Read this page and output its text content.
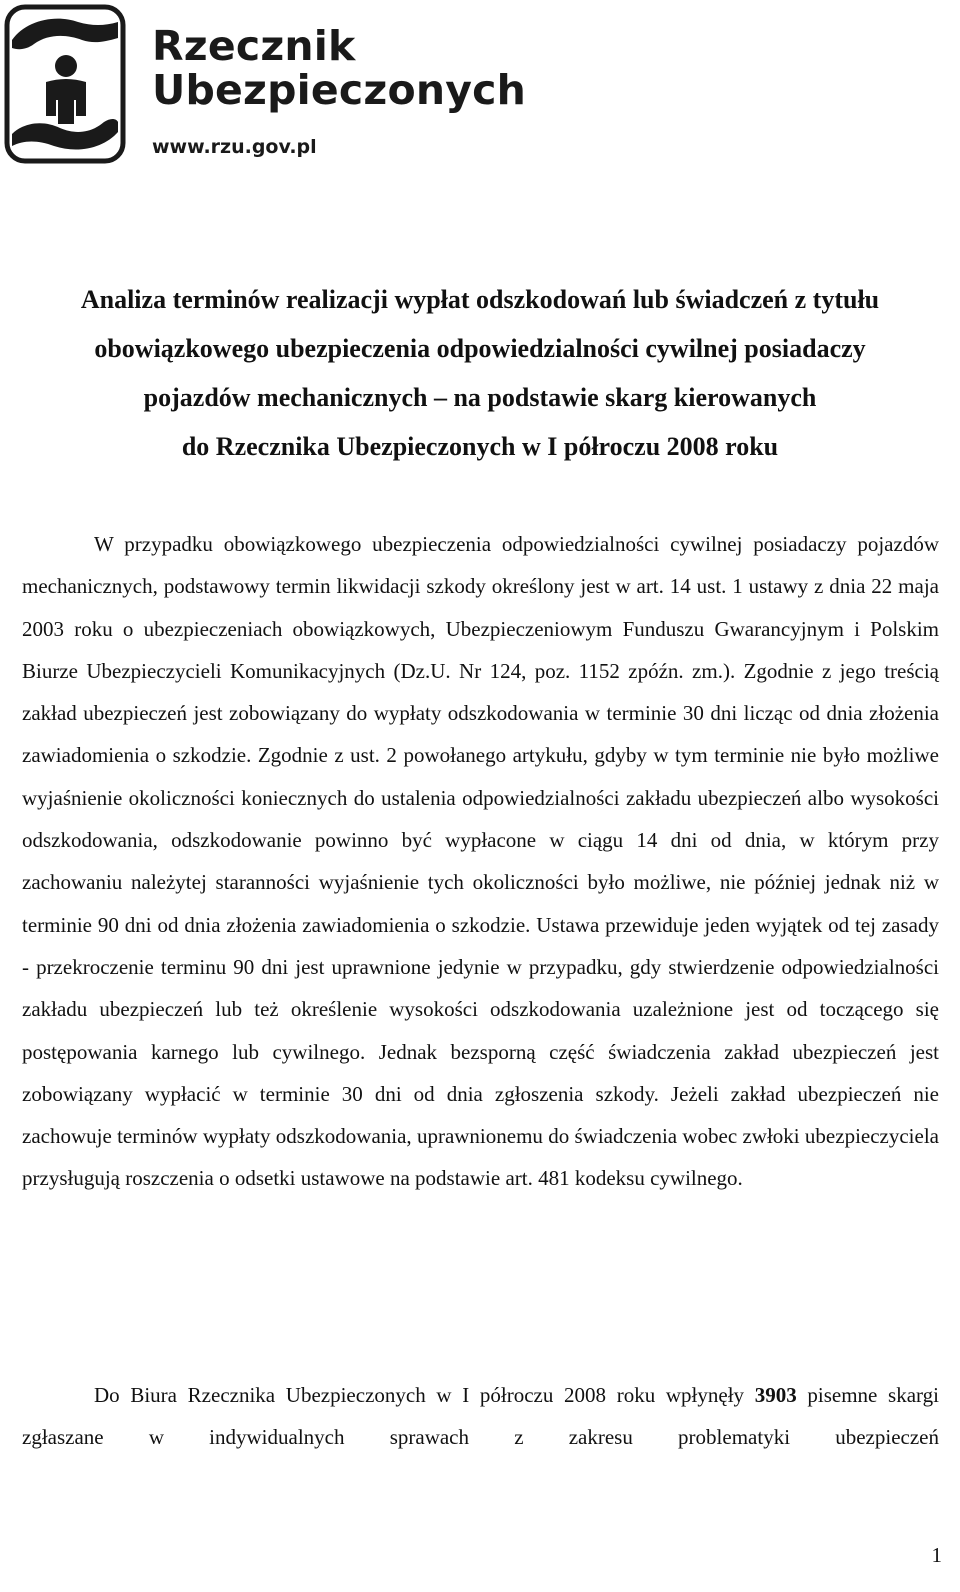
Rzecznik
Ubezpieczonych
www.rzu.gov.pl
Analiza terminów realizacji wypłat odszkodowań lub świadczeń z tytułu
obowiązkowego ubezpieczenia odpowiedzialności cywilnej posiadaczy
pojazdów mechanicznych – na podstawie skarg kierowanych
do Rzecznika Ubezpieczonych w I półroczu 2008 roku

W przypadku obowiązkowego ubezpieczenia odpowiedzialności cywilnej posiadaczy pojazdów mechanicznych, podstawowy termin likwidacji szkody określony jest w art. 14 ust. 1 ustawy z dnia 22 maja 2003 roku o ubezpieczeniach obowiązkowych, Ubezpieczeniowym Funduszu Gwarancyjnym i Polskim Biurze Ubezpieczycieli Komunikacyjnych (Dz.U. Nr 124, poz. 1152 zpóźn. zm.). Zgodnie z jego treścią zakład ubezpieczeń jest zobowiązany do wypłaty odszkodowania w terminie 30 dni licząc od dnia złożenia zawiadomienia o szkodzie. Zgodnie z ust. 2 powołanego artykułu, gdyby w tym terminie nie było możliwe wyjaśnienie okoliczności koniecznych do ustalenia odpowiedzialności zakładu ubezpieczeń albo wysokości odszkodowania, odszkodowanie powinno być wypłacone w ciągu 14 dni od dnia, w którym przy zachowaniu należytej staranności wyjaśnienie tych okoliczności było możliwe, nie później jednak niż w terminie 90 dni od dnia złożenia zawiadomienia o szkodzie. Ustawa przewiduje jeden wyjątek od tej zasady - przekroczenie terminu 90 dni jest uprawnione jedynie w przypadku, gdy stwierdzenie odpowiedzialności zakładu ubezpieczeń lub też określenie wysokości odszkodowania uzależnione jest od toczącego się postępowania karnego lub cywilnego. Jednak bezsporną część świadczenia zakład ubezpieczeń jest zobowiązany wypłacić w terminie 30 dni od dnia zgłoszenia szkody. Jeżeli zakład ubezpieczeń nie zachowuje terminów wypłaty odszkodowania, uprawnionemu do świadczenia wobec zwłoki ubezpieczyciela przysługują roszczenia o odsetki ustawowe na podstawie art. 481 kodeksu cywilnego.

Do Biura Rzecznika Ubezpieczonych w I półroczu 2008 roku wpłynęły 3903 pisemne skargi zgłaszane w indywidualnych sprawach z zakresu problematyki ubezpieczeń

1
